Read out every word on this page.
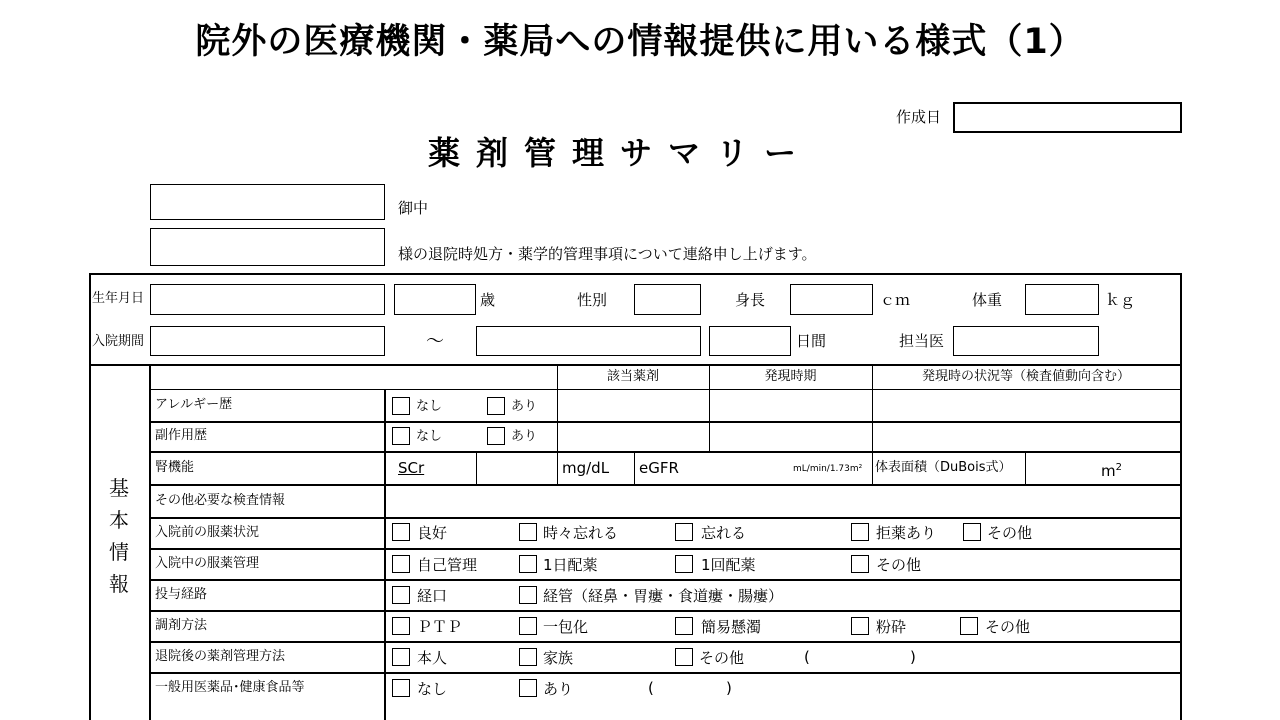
院外の医療機関・薬局への情報提供に用いる様式（1）
作成日
薬剤管理サマリー
御中
様の退院時処方・薬学的管理事項について連絡申し上げます。
生年月日	歳	性別	身長	ｃｍ	体重	ｋｇ
入院期間	～	日間	担当医
基
本
情
報
該当薬剤	発現時期	発現時の状況等（検査値動向含む）
アレルギー歴	なし	あり
副作用歴	なし	あり
腎機能	SCr	mg/dL eGFR	mL/min/1.73m² 体表面積（DuBois式）	$m^2$
その他必要な検査情報
入院前の服薬状況	良好	時々忘れる	忘れる	拒薬あり	その他
入院中の服薬管理	自己管理	1日配薬	1回配薬	その他
投与経路	経口	経管（経鼻・胃瘻・食道瘻・腸瘻）
調剤方法	ＰＴＰ	一包化	簡易懸濁	粉砕	その他
退院後の薬剤管理方法	本人	家族	その他	(	)
一般用医薬品･健康食品等	なし	あり	(	)
